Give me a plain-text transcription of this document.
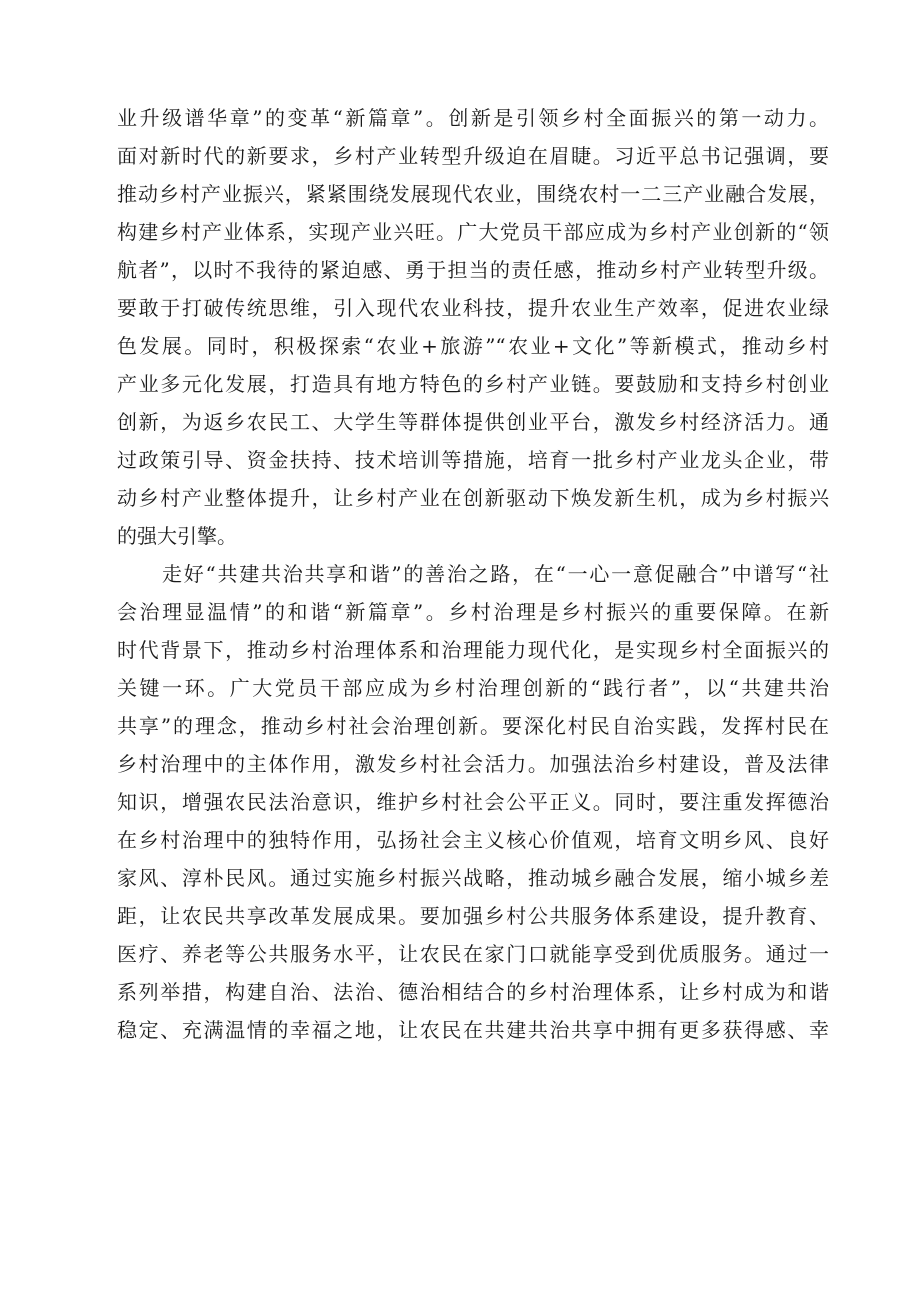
业升级谱华章”的变革“新篇章”。创新是引领乡村全面振兴的第一动力。
面对新时代的新要求，乡村产业转型升级迫在眉睫。习近平总书记强调，要
推动乡村产业振兴，紧紧围绕发展现代农业，围绕农村一二三产业融合发展，
构建乡村产业体系，实现产业兴旺。广大党员干部应成为乡村产业创新的“领
航者”，以时不我待的紧迫感、勇于担当的责任感，推动乡村产业转型升级。
要敢于打破传统思维，引入现代农业科技，提升农业生产效率，促进农业绿
色发展。同时，积极探索“农业+旅游”“农业+文化”等新模式，推动乡村
产业多元化发展，打造具有地方特色的乡村产业链。要鼓励和支持乡村创业
创新，为返乡农民工、大学生等群体提供创业平台，激发乡村经济活力。通
过政策引导、资金扶持、技术培训等措施，培育一批乡村产业龙头企业，带
动乡村产业整体提升，让乡村产业在创新驱动下焕发新生机，成为乡村振兴
的强大引擎。
走好“共建共治共享和谐”的善治之路，在“一心一意促融合”中谱写“社
会治理显温情”的和谐“新篇章”。乡村治理是乡村振兴的重要保障。在新
时代背景下，推动乡村治理体系和治理能力现代化，是实现乡村全面振兴的
关键一环。广大党员干部应成为乡村治理创新的“践行者”，以“共建共治
共享”的理念，推动乡村社会治理创新。要深化村民自治实践，发挥村民在
乡村治理中的主体作用，激发乡村社会活力。加强法治乡村建设，普及法律
知识，增强农民法治意识，维护乡村社会公平正义。同时，要注重发挥德治
在乡村治理中的独特作用，弘扬社会主义核心价值观，培育文明乡风、良好
家风、淳朴民风。通过实施乡村振兴战略，推动城乡融合发展，缩小城乡差
距，让农民共享改革发展成果。要加强乡村公共服务体系建设，提升教育、
医疗、养老等公共服务水平，让农民在家门口就能享受到优质服务。通过一
系列举措，构建自治、法治、德治相结合的乡村治理体系，让乡村成为和谐
稳定、充满温情的幸福之地，让农民在共建共治共享中拥有更多获得感、幸
